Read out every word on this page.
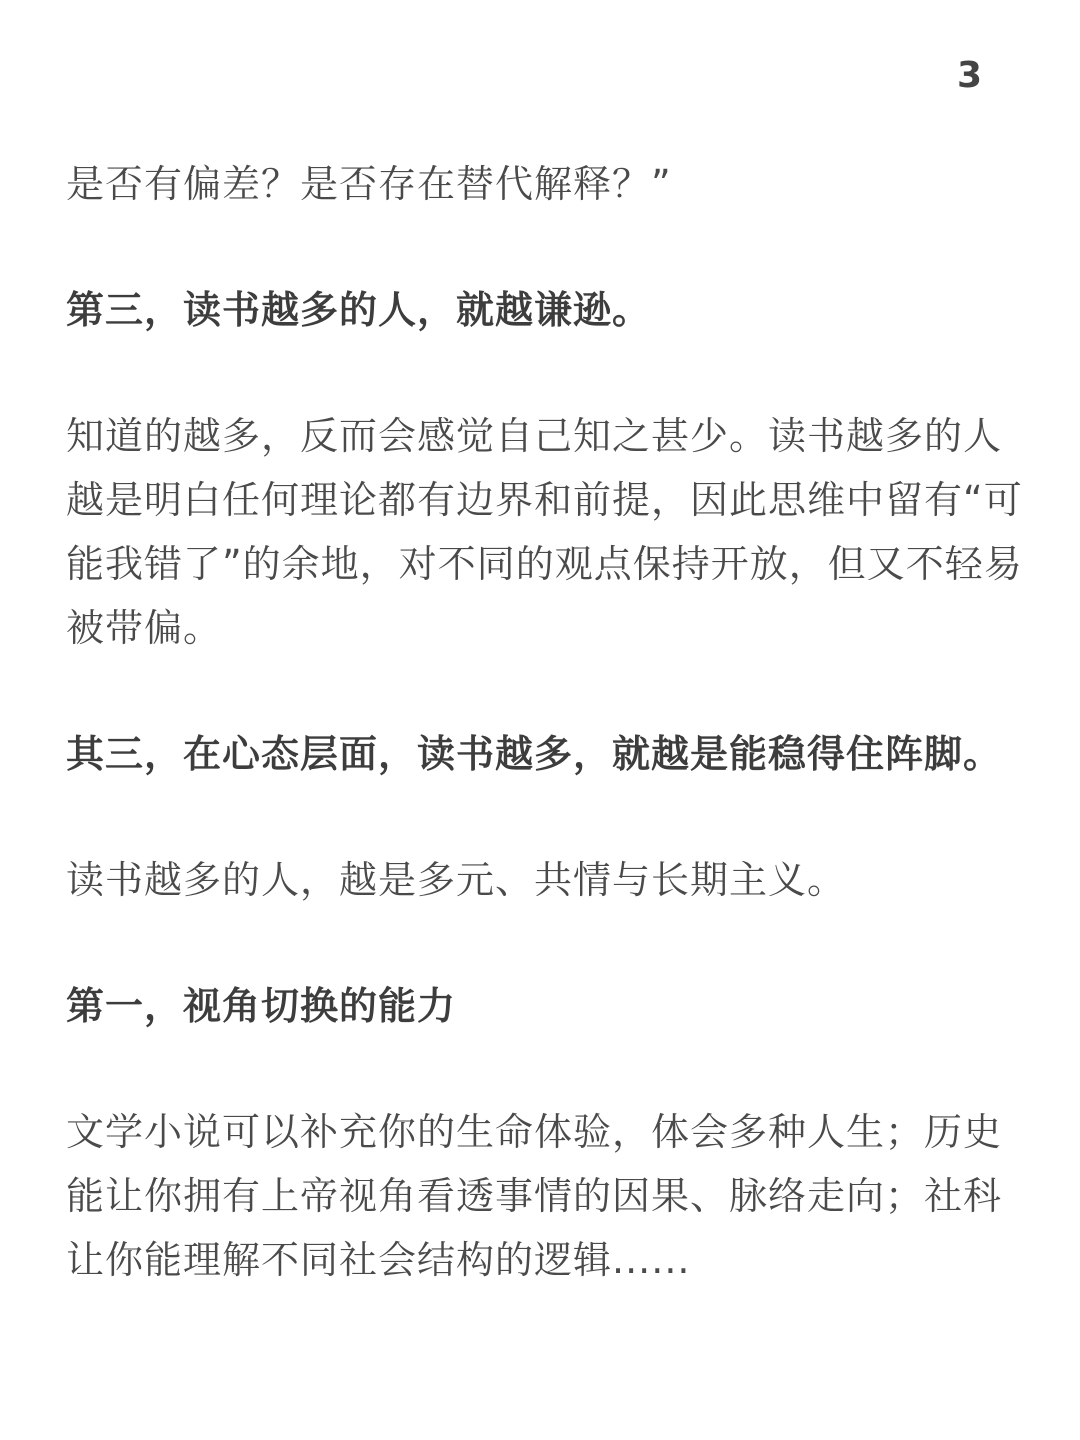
3

是否有偏差？是否存在替代解释？”

第三，读书越多的人，就越谦逊。

知道的越多，反而会感觉自己知之甚少。读书越多的人越是明白任何理论都有边界和前提，因此思维中留有“可能我错了”的余地，对不同的观点保持开放，但又不轻易被带偏。

其三，在心态层面，读书越多，就越是能稳得住阵脚。

读书越多的人，越是多元、共情与长期主义。

第一，视角切换的能力

文学小说可以补充你的生命体验，体会多种人生；历史能让你拥有上帝视角看透事情的因果、脉络走向；社科让你能理解不同社会结构的逻辑......
